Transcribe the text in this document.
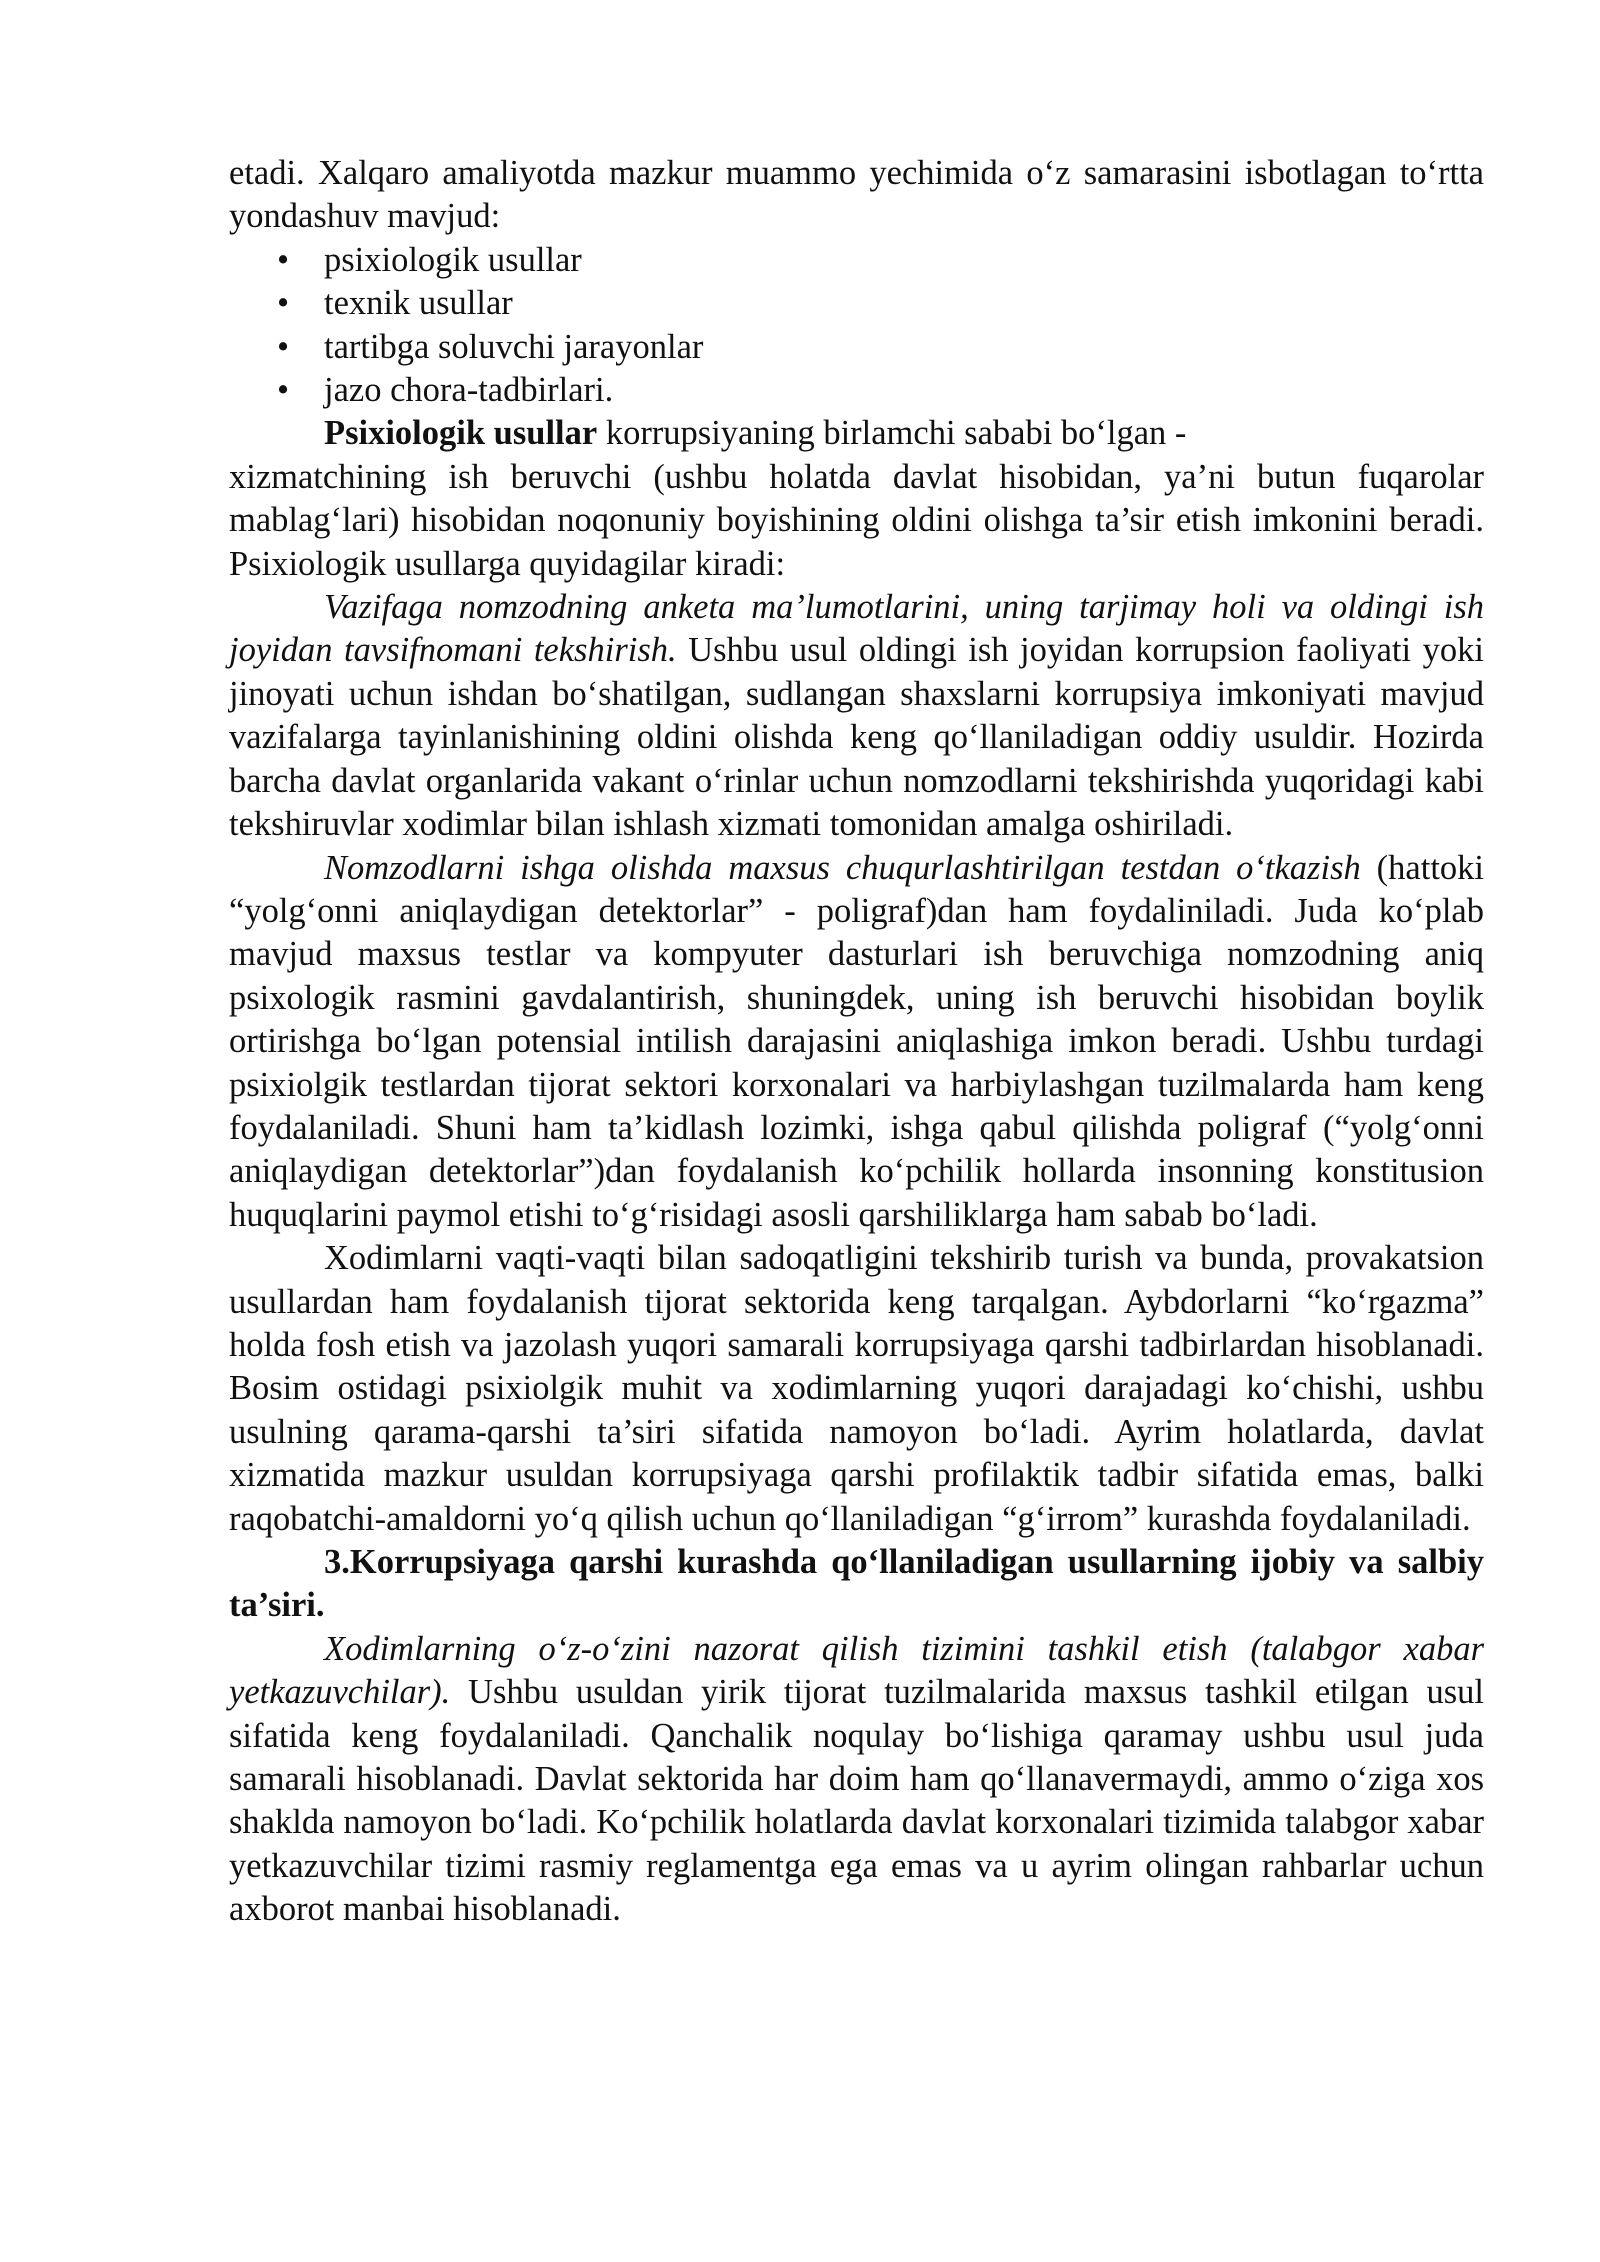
etadi. Xalqaro amaliyotda mazkur muammo yechimida o‘z samarasini isbotlagan to‘rtta yondashuv mavjud:

• psixiologik usullar
• texnik usullar
• tartibga soluvchi jarayonlar
• jazo chora-tadbirlari.

Psixiologik usullar korrupsiyaning birlamchi sababi bo‘lgan -

xizmatchining ish beruvchi (ushbu holatda davlat hisobidan, ya’ni butun fuqarolar mablag‘lari) hisobidan noqonuniy boyishining oldini olishga ta’sir etish imkonini beradi. Psixiologik usullarga quyidagilar kiradi:

Vazifaga nomzodning anketa ma’lumotlarini, uning tarjimay holi va oldingi ish joyidan tavsifnomani tekshirish. Ushbu usul oldingi ish joyidan korrupsion faoliyati yoki jinoyati uchun ishdan bo‘shatilgan, sudlangan shaxslarni korrupsiya imkoniyati mavjud vazifalarga tayinlanishining oldini olishda keng qo‘llaniladigan oddiy usuldir. Hozirda barcha davlat organlarida vakant o‘rinlar uchun nomzodlarni tekshirishda yuqoridagi kabi tekshiruvlar xodimlar bilan ishlash xizmati tomonidan amalga oshiriladi.

Nomzodlarni ishga olishda maxsus chuqurlashtirilgan testdan o‘tkazish (hattoki “yolg‘onni aniqlaydigan detektorlar” - poligraf)dan ham foydaliniladi. Juda ko‘plab mavjud maxsus testlar va kompyuter dasturlari ish beruvchiga nomzodning aniq psixologik rasmini gavdalantirish, shuningdek, uning ish beruvchi hisobidan boylik ortirishga bo‘lgan potensial intilish darajasini aniqlashiga imkon beradi. Ushbu turdagi psixiolgik testlardan tijorat sektori korxonalari va harbiylashgan tuzilmalarda ham keng foydalaniladi. Shuni ham ta’kidlash lozimki, ishga qabul qilishda poligraf (“yolg‘onni aniqlaydigan detektorlar”)dan foydalanish ko‘pchilik hollarda insonning konstitusion huquqlarini paymol etishi to‘g‘risidagi asosli qarshiliklarga ham sabab bo‘ladi.

Xodimlarni vaqti-vaqti bilan sadoqatligini tekshirib turish va bunda, provakatsion usullardan ham foydalanish tijorat sektorida keng tarqalgan. Aybdorlarni “ko‘rgazma” holda fosh etish va jazolash yuqori samarali korrupsiyaga qarshi tadbirlardan hisoblanadi. Bosim ostidagi psixiolgik muhit va xodimlarning yuqori darajadagi ko‘chishi, ushbu usulning qarama-qarshi ta’siri sifatida namoyon bo‘ladi. Ayrim holatlarda, davlat xizmatida mazkur usuldan korrupsiyaga qarshi profilaktik tadbir sifatida emas, balki raqobatchi-amaldorni yo‘q qilish uchun qo‘llaniladigan “g‘irrom” kurashda foydalaniladi.

3.Korrupsiyaga qarshi kurashda qo‘llaniladigan usullarning ijobiy va salbiy ta’siri.

Xodimlarning o‘z-o‘zini nazorat qilish tizimini tashkil etish (talabgor xabar yetkazuvchilar). Ushbu usuldan yirik tijorat tuzilmalarida maxsus tashkil etilgan usul sifatida keng foydalaniladi. Qanchalik noqulay bo‘lishiga qaramay ushbu usul juda samarali hisoblanadi. Davlat sektorida har doim ham qo‘llanavermaydi, ammo o‘ziga xos shaklda namoyon bo‘ladi. Ko‘pchilik holatlarda davlat korxonalari tizimida talabgor xabar yetkazuvchilar tizimi rasmiy reglamentga ega emas va u ayrim olingan rahbarlar uchun axborot manbai hisoblanadi.
